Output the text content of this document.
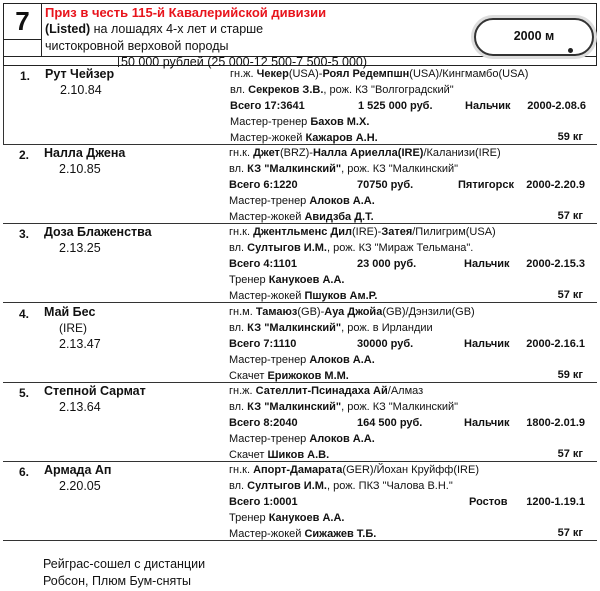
7	Приз в честь 115-й Кавалерийской дивизии
(Listed) на лошадях 4-х лет и старше
чистокровной верховой породы
50 000 рублей (25 000-12 500-7 500-5 000)
2000 м
1. Рут Чейзер
2.10.84
гн.ж. Чекер(USA)-Роял Редемпшн(USA)/Кингмамбо(USA)
вл. Секреков З.В., рож. КЗ "Волгоградский"
Всего 17:3641	1 525 000 руб.	Нальчик 2000-2.08.6
Мастер-тренер Бахов М.Х.
Мастер-жокей Кажаров А.Н.	59 кг
2. Налла Джена
2.10.85
гн.к. Джет(BRZ)-Налла Ариелла(IRE)/Каланизи(IRE)
вл. КЗ "Малкинский", рож. КЗ "Малкинский"
Всего 6:1220	70750 руб.	Пятигорск 2000-2.20.9
Мастер-тренер Алоков А.А.
Мастер-жокей Авидзба Д.Т.	57 кг
3. Доза Блаженства
2.13.25
гн.к. Джентльменс Дил(IRE)-Затея/Пилигрим(USA)
вл. Султыгов И.М., рож. КЗ "Мираж Тельмана".
Всего 4:1101	23 000 руб.	Нальчик 2000-2.15.3
Тренер Канукоев А.А.
Мастер-жокей Пшуков Ам.Р.	57 кг
4. Май Бес
(IRE)
2.13.47
гн.м. Тамаюз(GB)-Ауа Джойа(GB)/Дэнзили(GB)
вл. КЗ "Малкинский", рож. в Ирландии
Всего 7:1110	30000 руб.	Нальчик 2000-2.16.1
Мастер-тренер Алоков А.А.
Скачет Ерижоков М.М.	59 кг
5. Степной Сармат
2.13.64
гн.ж. Сателлит-Псинадаха Ай/Алмаз
вл. КЗ "Малкинский", рож. КЗ "Малкинский"
Всего 8:2040	164 500 руб.	Нальчик 1800-2.01.9
Мастер-тренер Алоков А.А.
Скачет Шиков А.В.	57 кг
6. Армада Ап
2.20.05
гн.к. Апорт-Дамарата(GER)/Йохан Круйфф(IRE)
вл. Султыгов И.М., рож. ПКЗ "Чалова В.Н."
Всего 1:0001	Ростов 1200-1.19.1
Тренер Канукоев А.А.
Мастер-жокей Сижажев Т.Б.	57 кг
Рейграс-сошел с дистанции
Робсон, Плюм Бум-сняты
